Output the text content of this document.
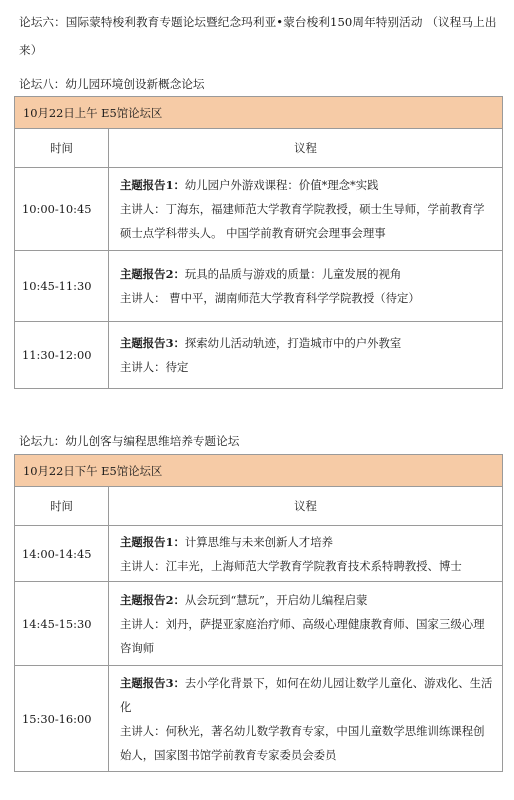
论坛六：国际蒙特梭利教育专题论坛暨纪念玛利亚•蒙台梭利150周年特别活动 （议程马上出来）
论坛八：幼儿园环境创设新概念论坛
10月22日上午 E5馆论坛区	
时间	议程
10:00-10:45	主题报告1：幼儿园户外游戏课程：价值*理念*实践
主讲人：丁海东，福建师范大学教育学院教授，硕士生导师，学前教育学硕士点学科带头人。 中国学前教育研究会理事会理事

10:45-11:30	主题报告2：玩具的品质与游戏的质量：儿童发展的视角
主讲人： 曹中平，湖南师范大学教育科学学院教授（待定）

11:30-12:00	主题报告3：探索幼儿活动轨迹，打造城市中的户外教室
主讲人：待定
论坛九：幼儿创客与编程思维培养专题论坛
10月22日下午 E5馆论坛区	
时间	议程
14:00-14:45	主题报告1：计算思维与未来创新人才培养
主讲人：江丰光，上海师范大学教育学院教育技术系特聘教授、博士

14:45-15:30	主题报告2：从会玩到“慧玩”，开启幼儿编程启蒙
主讲人：刘丹，萨提亚家庭治疗师、高级心理健康教育师、国家三级心理咨询师

15:30-16:00	主题报告3：去小学化背景下，如何在幼儿园让数学儿童化、游戏化、生活化
主讲人：何秋光，著名幼儿数学教育专家，中国儿童数学思维训练课程创始人，国家图书馆学前教育专家委员会委员
